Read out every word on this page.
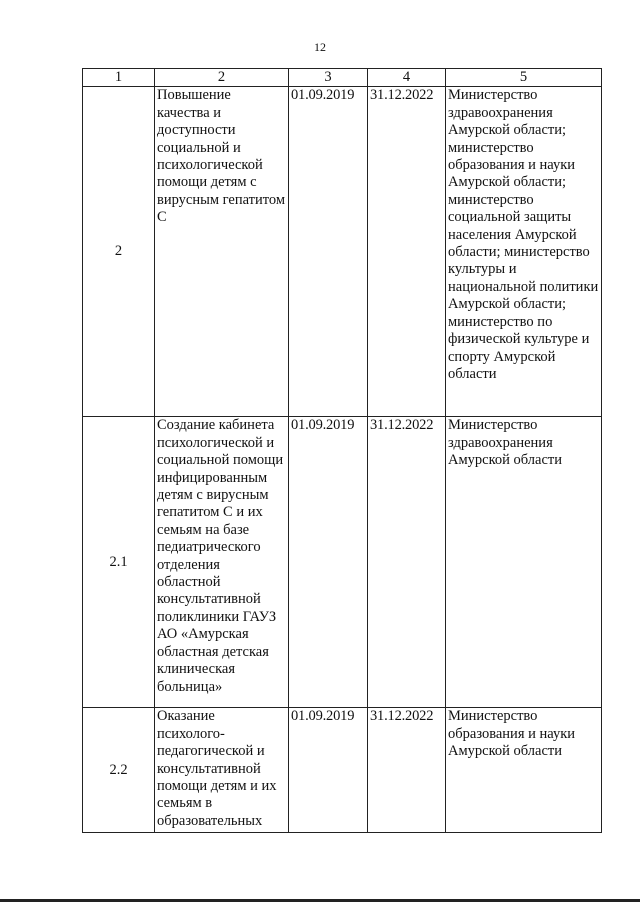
12
1	2	3	4	5
2	Повышение качества и доступности социальной и психологической помощи детям с вирусным гепатитом С	01.09.2019	31.12.2022	Министерство здравоохранения Амурской области; министерство образования и науки Амурской области; министерство социальной защиты населения Амурской области; министерство культуры и национальной политики Амурской области; министерство по физической культуре и спорту Амурской области
2.1	Создание кабинета психологической и социальной помощи инфицированным детям с вирусным гепатитом С и их семьям на базе педиатрического отделения областной консультативной поликлиники ГАУЗ АО «Амурская областная детская клиническая больница»	01.09.2019	31.12.2022	Министерство здравоохранения Амурской области
2.2	Оказание психолого-педагогической и консультативной помощи детям и их семьям в образовательных	01.09.2019	31.12.2022	Министерство образования и науки Амурской области
